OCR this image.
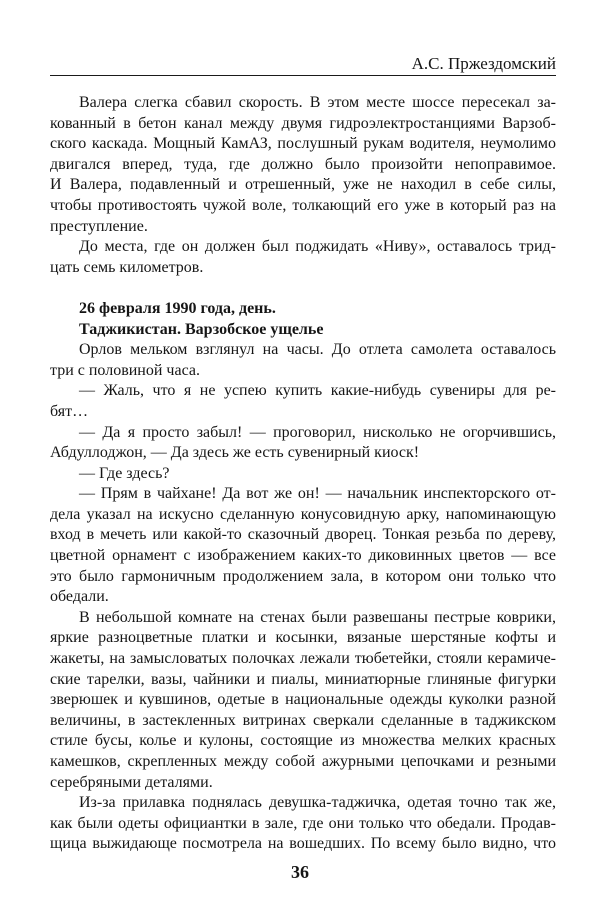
А.С. Пржездомский
Валера слегка сбавил скорость. В этом месте шоссе пересекал за-
кованный в бетон канал между двумя гидроэлектростанциями Варзоб-
ского каскада. Мощный КамАЗ, послушный рукам водителя, неумолимо
двигался вперед, туда, где должно было произойти непоправимое.
И Валера, подавленный и отрешенный, уже не находил в себе силы,
чтобы противостоять чужой воле, толкающий его уже в который раз на
преступление.
До места, где он должен был поджидать «Ниву», оставалось трид-
цать семь километров.
26 февраля 1990 года, день.
Таджикистан. Варзобское ущелье
Орлов мельком взглянул на часы. До отлета самолета оставалось
три с половиной часа.
— Жаль, что я не успею купить какие-нибудь сувениры для ре-
бят…
— Да я просто забыл! — проговорил, нисколько не огорчившись,
Абдуллоджон, — Да здесь же есть сувенирный киоск!
— Где здесь?
— Прям в чайхане! Да вот же он! — начальник инспекторского от-
дела указал на искусно сделанную конусовидную арку, напоминающую
вход в мечеть или какой-то сказочный дворец. Тонкая резьба по дереву,
цветной орнамент с изображением каких-то диковинных цветов — все
это было гармоничным продолжением зала, в котором они только что
обедали.
В небольшой комнате на стенах были развешаны пестрые коврики,
яркие разноцветные платки и косынки, вязаные шерстяные кофты и
жакеты, на замысловатых полочках лежали тюбетейки, стояли керамиче-
ские тарелки, вазы, чайники и пиалы, миниатюрные глиняные фигурки
зверюшек и кувшинов, одетые в национальные одежды куколки разной
величины, в застекленных витринах сверкали сделанные в таджикском
стиле бусы, колье и кулоны, состоящие из множества мелких красных
камешков, скрепленных между собой ажурными цепочками и резными
серебряными деталями.
Из-за прилавка поднялась девушка-таджичка, одетая точно так же,
как были одеты официантки в зале, где они только что обедали. Продав-
щица выжидающе посмотрела на вошедших. По всему было видно, что
36
